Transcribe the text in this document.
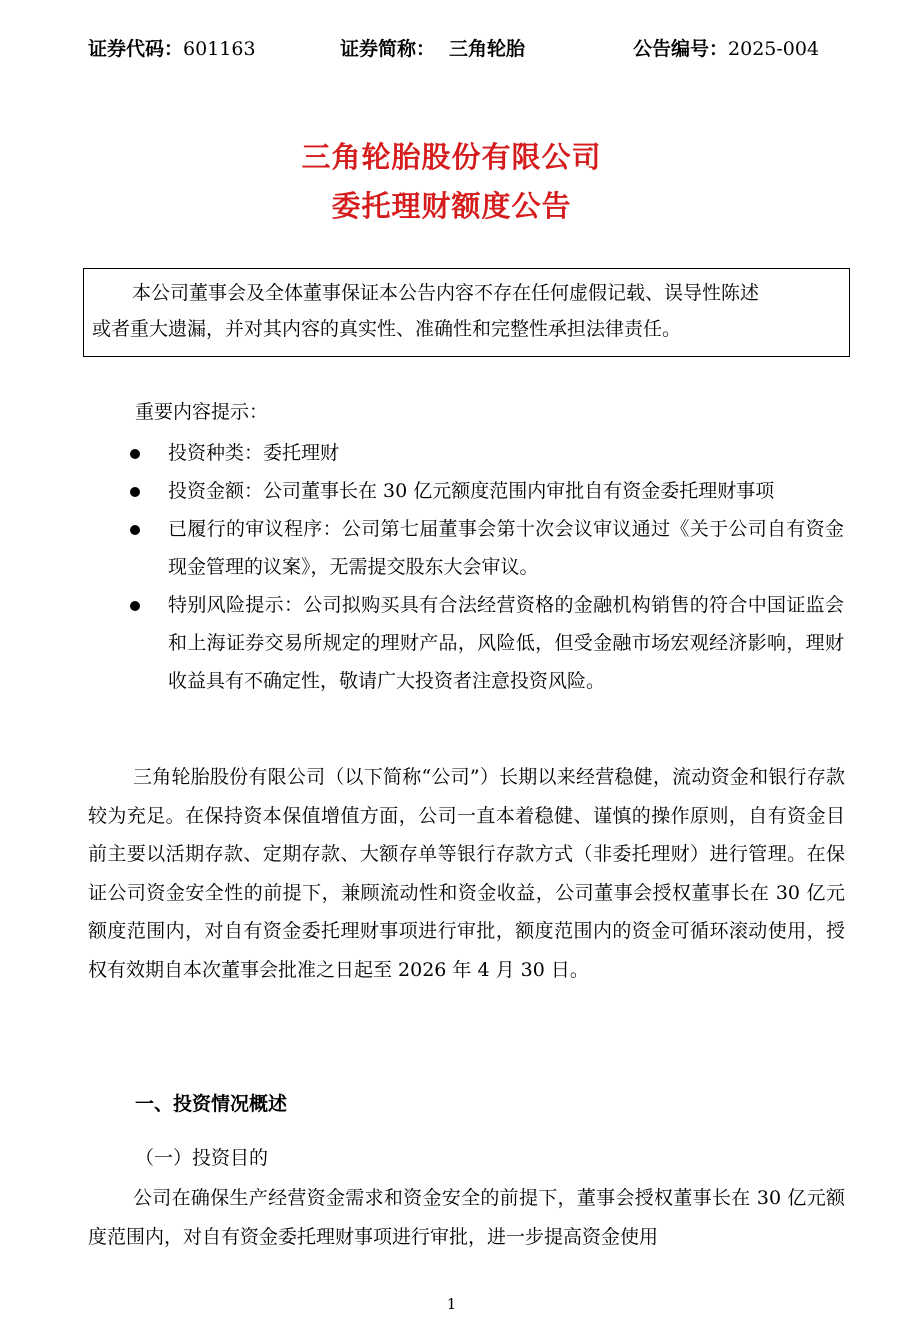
证券代码：601163	证券简称： 三角轮胎	公告编号：2025-004
三角轮胎股份有限公司
委托理财额度公告

本公司董事会及全体董事保证本公告内容不存在任何虚假记载、误导性陈述

或者重大遗漏，并对其内容的真实性、准确性和完整性承担法律责任。

重要内容提示：
投资种类：委托理财
投资金额：公司董事长在 30 亿元额度范围内审批自有资金委托理财事项
已履行的审议程序：公司第七届董事会第十次会议审议通过《关于公司自有资金现金管理的议案》，无需提交股东大会审议。
特别风险提示：公司拟购买具有合法经营资格的金融机构销售的符合中国证监会和上海证券交易所规定的理财产品，风险低，但受金融市场宏观经济影响，理财收益具有不确定性，敬请广大投资者注意投资风险。

三角轮胎股份有限公司（以下简称“公司”）长期以来经营稳健，流动资金和银行存款较为充足。在保持资本保值增值方面，公司一直本着稳健、谨慎的操作原则，自有资金目前主要以活期存款、定期存款、大额存单等银行存款方式（非委托理财）进行管理。在保证公司资金安全性的前提下，兼顾流动性和资金收益，公司董事会授权董事长在 30 亿元额度范围内，对自有资金委托理财事项进行审批，额度范围内的资金可循环滚动使用，授权有效期自本次董事会批准之日起至 2026 年 4 月 30 日。

一、投资情况概述
（一）投资目的

公司在确保生产经营资金需求和资金安全的前提下，董事会授权董事长在 30 亿元额度范围内，对自有资金委托理财事项进行审批，进一步提高资金使用

1
